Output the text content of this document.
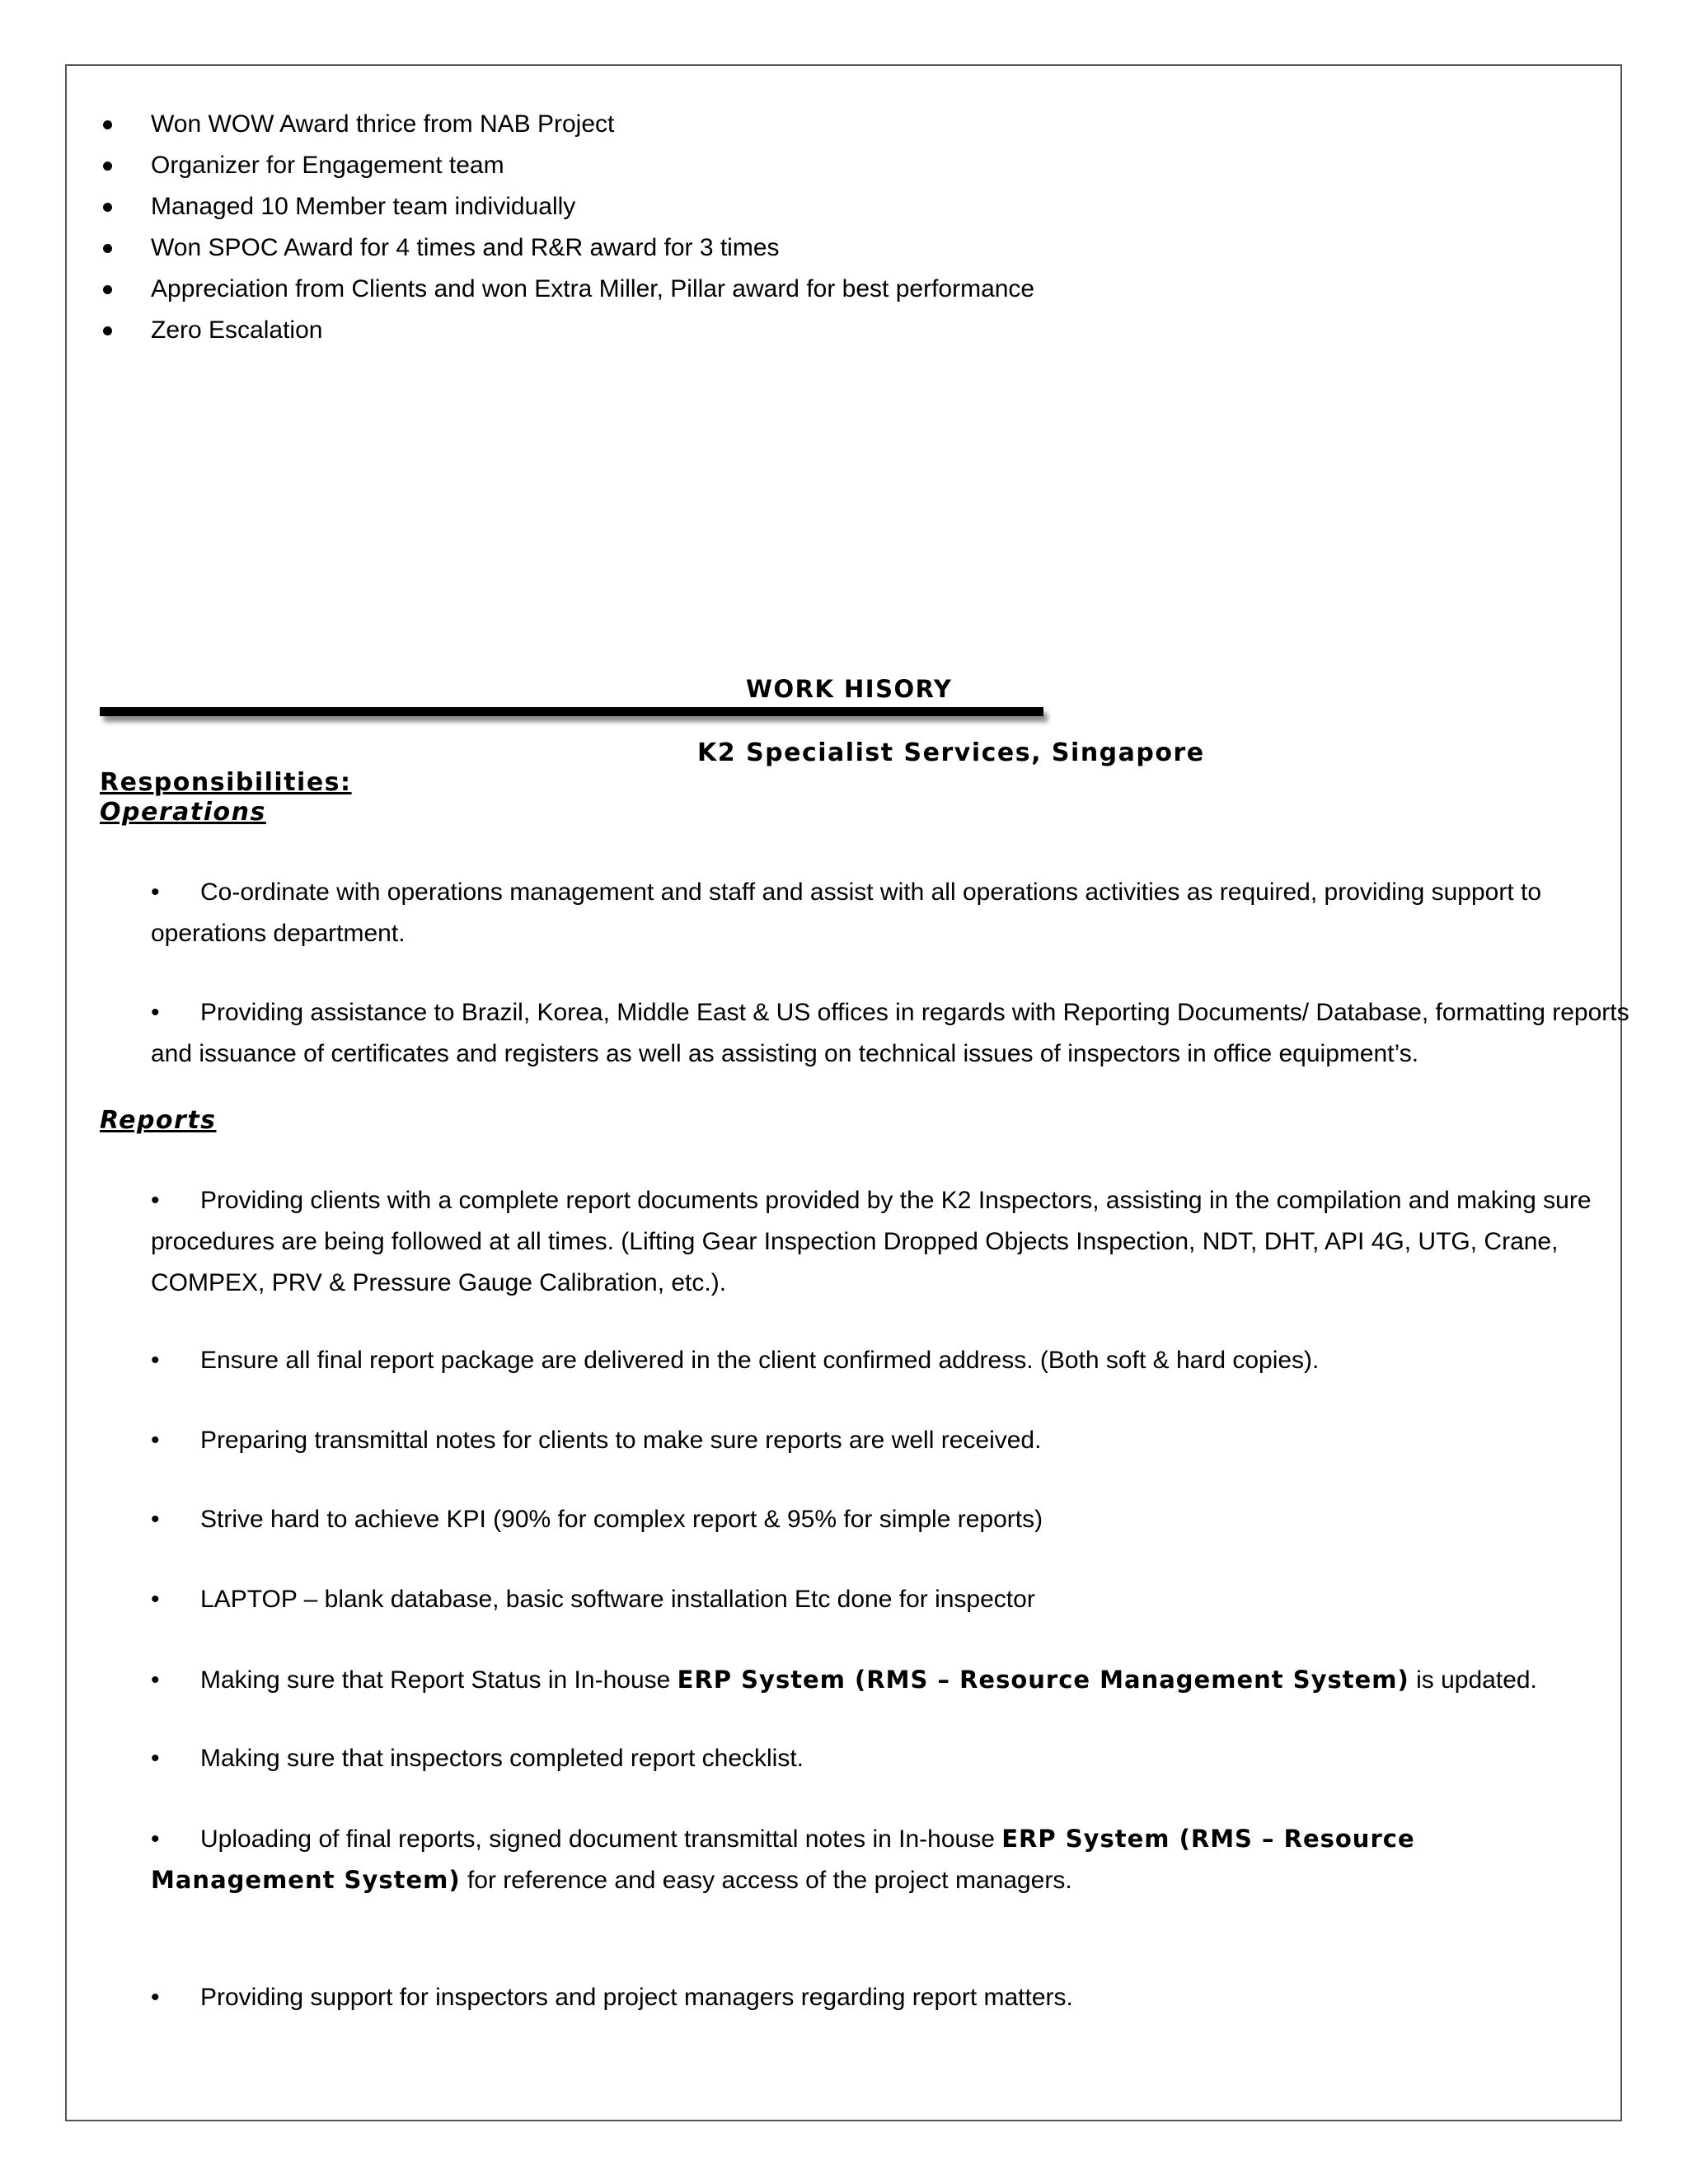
Won WOW Award thrice from NAB Project
Organizer for Engagement team
Managed 10 Member team individually
Won SPOC Award for 4 times and R&R award for 3 times
Appreciation from Clients and won Extra Miller, Pillar award for best performance
Zero Escalation
WORK HISORY
K2 Specialist Services, Singapore
Responsibilities:
Operations
• Co-ordinate with operations management and staff and assist with all operations activities as required, providing support to operations department.
• Providing assistance to Brazil, Korea, Middle East & US offices in regards with Reporting Documents/ Database, formatting reports and issuance of certificates and registers as well as assisting on technical issues of inspectors in office equipment’s.
Reports
• Providing clients with a complete report documents provided by the K2 Inspectors, assisting in the compilation and making sure procedures are being followed at all times. (Lifting Gear Inspection Dropped Objects Inspection, NDT, DHT, API 4G, UTG, Crane, COMPEX, PRV & Pressure Gauge Calibration, etc.).
• Ensure all final report package are delivered in the client confirmed address. (Both soft & hard copies).
• Preparing transmittal notes for clients to make sure reports are well received.
• Strive hard to achieve KPI (90% for complex report & 95% for simple reports)
• LAPTOP – blank database, basic software installation Etc done for inspector
• Making sure that Report Status in In-house ERP System (RMS – Resource Management System) is updated.
• Making sure that inspectors completed report checklist.
• Uploading of final reports, signed document transmittal notes in In-house ERP System (RMS – Resource
Management System) for reference and easy access of the project managers.
• Providing support for inspectors and project managers regarding report matters.
